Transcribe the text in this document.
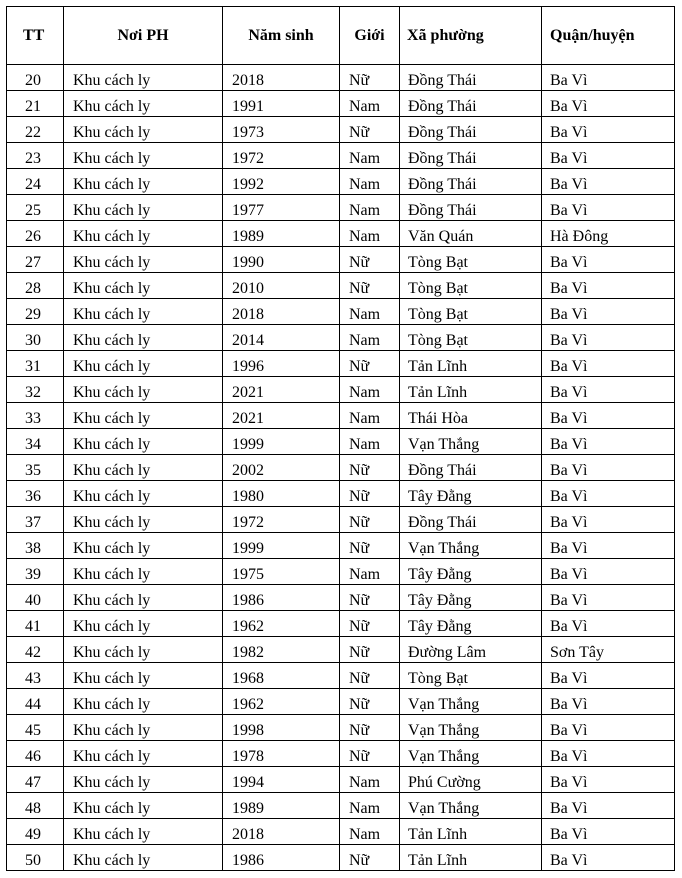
TT	Nơi PH	Năm sinh	Giới	Xã phường	Quận/huyện
20	Khu cách ly	2018	Nữ	Đồng Thái	Ba Vì
21	Khu cách ly	1991	Nam	Đồng Thái	Ba Vì
22	Khu cách ly	1973	Nữ	Đồng Thái	Ba Vì
23	Khu cách ly	1972	Nam	Đồng Thái	Ba Vì
24	Khu cách ly	1992	Nam	Đồng Thái	Ba Vì
25	Khu cách ly	1977	Nam	Đồng Thái	Ba Vì
26	Khu cách ly	1989	Nam	Văn Quán	Hà Đông
27	Khu cách ly	1990	Nữ	Tòng Bạt	Ba Vì
28	Khu cách ly	2010	Nữ	Tòng Bạt	Ba Vì
29	Khu cách ly	2018	Nam	Tòng Bạt	Ba Vì
30	Khu cách ly	2014	Nam	Tòng Bạt	Ba Vì
31	Khu cách ly	1996	Nữ	Tản Lĩnh	Ba Vì
32	Khu cách ly	2021	Nam	Tản Lĩnh	Ba Vì
33	Khu cách ly	2021	Nam	Thái Hòa	Ba Vì
34	Khu cách ly	1999	Nam	Vạn Thắng	Ba Vì
35	Khu cách ly	2002	Nữ	Đồng Thái	Ba Vì
36	Khu cách ly	1980	Nữ	Tây Đằng	Ba Vì
37	Khu cách ly	1972	Nữ	Đồng Thái	Ba Vì
38	Khu cách ly	1999	Nữ	Vạn Thắng	Ba Vì
39	Khu cách ly	1975	Nam	Tây Đằng	Ba Vì
40	Khu cách ly	1986	Nữ	Tây Đằng	Ba Vì
41	Khu cách ly	1962	Nữ	Tây Đằng	Ba Vì
42	Khu cách ly	1982	Nữ	Đường Lâm	Sơn Tây
43	Khu cách ly	1968	Nữ	Tòng Bạt	Ba Vì
44	Khu cách ly	1962	Nữ	Vạn Thắng	Ba Vì
45	Khu cách ly	1998	Nữ	Vạn Thắng	Ba Vì
46	Khu cách ly	1978	Nữ	Vạn Thắng	Ba Vì
47	Khu cách ly	1994	Nam	Phú Cường	Ba Vì
48	Khu cách ly	1989	Nam	Vạn Thắng	Ba Vì
49	Khu cách ly	2018	Nam	Tản Lĩnh	Ba Vì
50	Khu cách ly	1986	Nữ	Tản Lĩnh	Ba Vì
